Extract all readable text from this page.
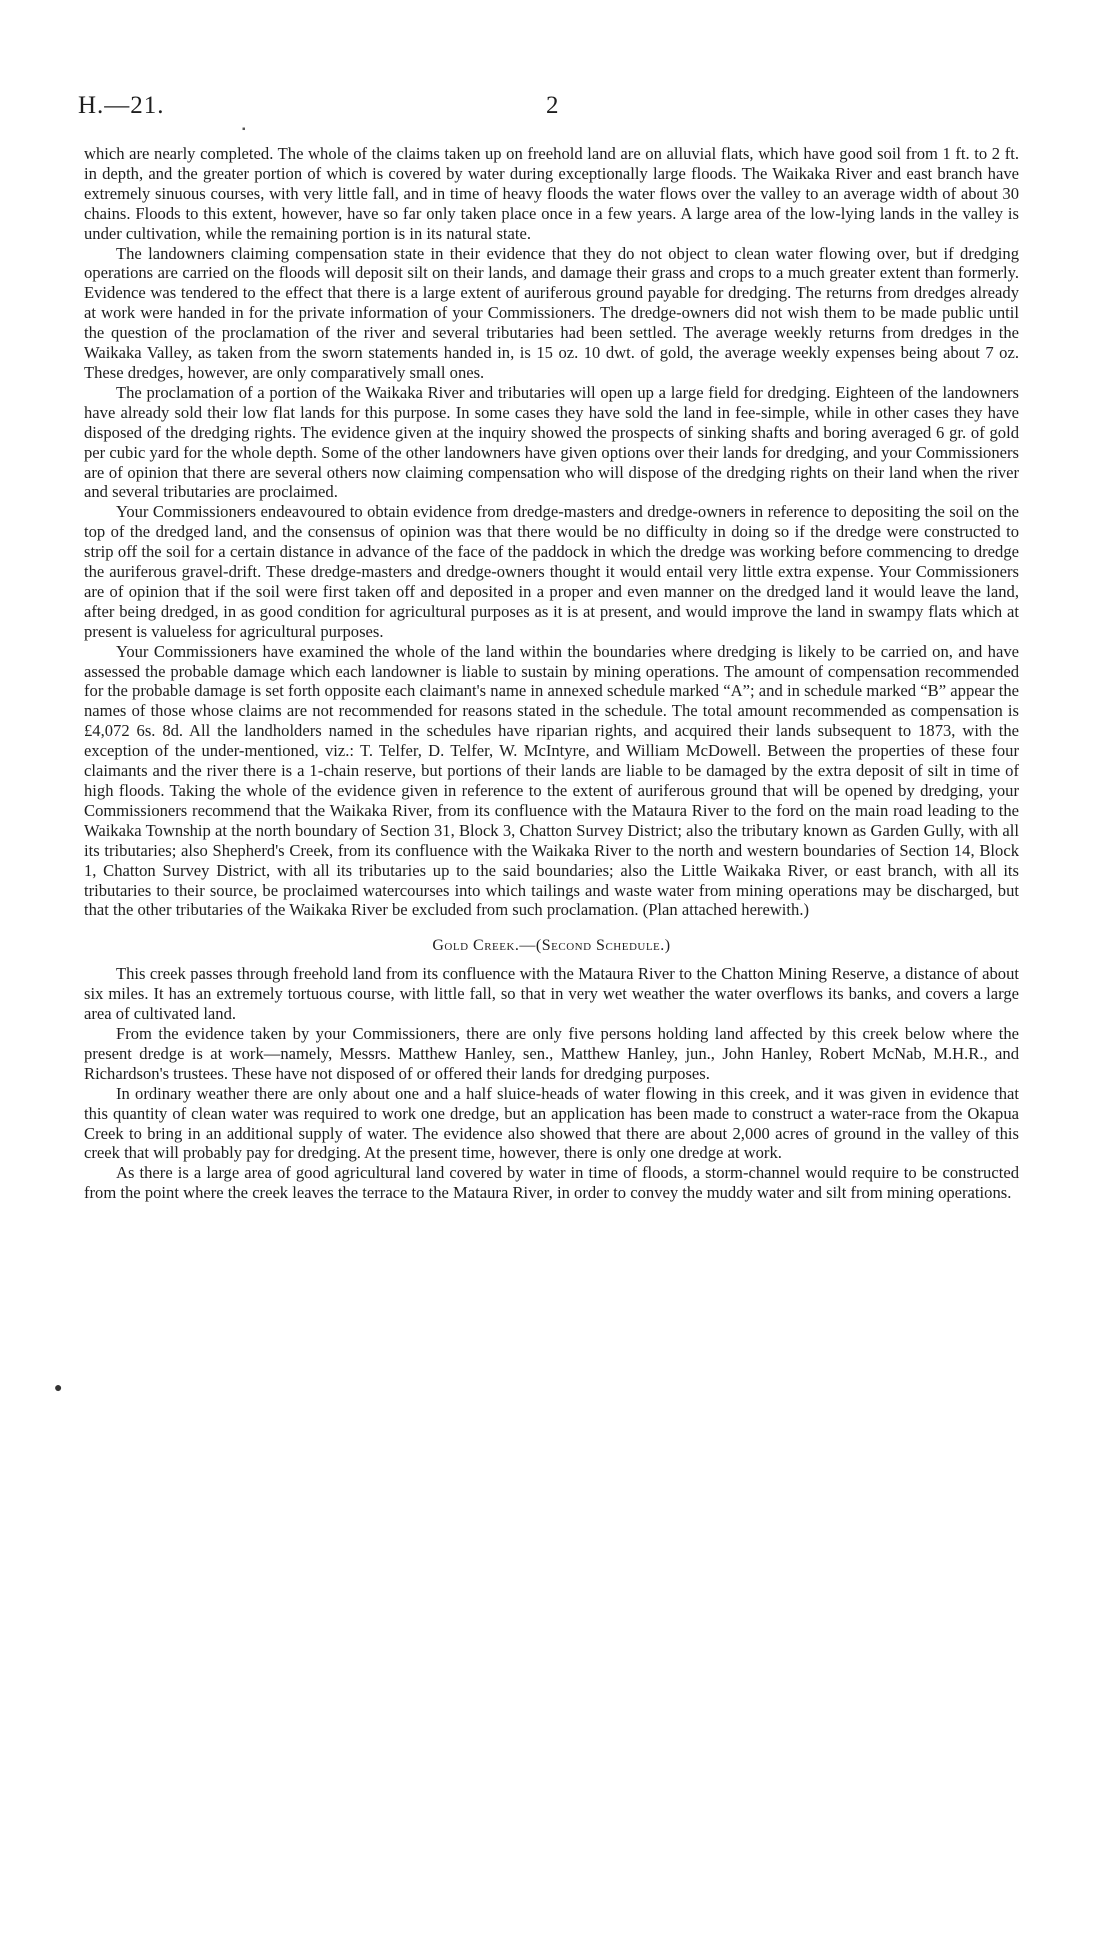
H.—21.	2
▪

which are nearly completed. The whole of the claims taken up on freehold land are on alluvial flats, which have good soil from 1 ft. to 2 ft. in depth, and the greater portion of which is covered by water during exceptionally large floods. The Waikaka River and east branch have extremely sinuous courses, with very little fall, and in time of heavy floods the water flows over the valley to an average width of about 30 chains. Floods to this extent, however, have so far only taken place once in a few years. A large area of the low-lying lands in the valley is under cultivation, while the remaining portion is in its natural state.

The landowners claiming compensation state in their evidence that they do not object to clean water flowing over, but if dredging operations are carried on the floods will deposit silt on their lands, and damage their grass and crops to a much greater extent than formerly. Evidence was tendered to the effect that there is a large extent of auriferous ground payable for dredging. The returns from dredges already at work were handed in for the private information of your Commissioners. The dredge-owners did not wish them to be made public until the question of the proclamation of the river and several tributaries had been settled. The average weekly returns from dredges in the Waikaka Valley, as taken from the sworn statements handed in, is 15 oz. 10 dwt. of gold, the average weekly expenses being about 7 oz. These dredges, however, are only comparatively small ones.

The proclamation of a portion of the Waikaka River and tributaries will open up a large field for dredging. Eighteen of the landowners have already sold their low flat lands for this purpose. In some cases they have sold the land in fee-simple, while in other cases they have disposed of the dredging rights. The evidence given at the inquiry showed the prospects of sinking shafts and boring averaged 6 gr. of gold per cubic yard for the whole depth. Some of the other landowners have given options over their lands for dredging, and your Commissioners are of opinion that there are several others now claiming compensation who will dispose of the dredging rights on their land when the river and several tributaries are proclaimed.

Your Commissioners endeavoured to obtain evidence from dredge-masters and dredge-owners in reference to depositing the soil on the top of the dredged land, and the consensus of opinion was that there would be no difficulty in doing so if the dredge were constructed to strip off the soil for a certain distance in advance of the face of the paddock in which the dredge was working before commencing to dredge the auriferous gravel-drift. These dredge-masters and dredge-owners thought it would entail very little extra expense. Your Commissioners are of opinion that if the soil were first taken off and deposited in a proper and even manner on the dredged land it would leave the land, after being dredged, in as good condition for agricultural purposes as it is at present, and would improve the land in swampy flats which at present is valueless for agricultural purposes.

Your Commissioners have examined the whole of the land within the boundaries where dredging is likely to be carried on, and have assessed the probable damage which each landowner is liable to sustain by mining operations. The amount of compensation recommended for the probable damage is set forth opposite each claimant's name in annexed schedule marked “A”; and in schedule marked “B” appear the names of those whose claims are not recommended for reasons stated in the schedule. The total amount recommended as compensation is £4,072 6s. 8d. All the landholders named in the schedules have riparian rights, and acquired their lands subsequent to 1873, with the exception of the under-mentioned, viz.: T. Telfer, D. Telfer, W. McIntyre, and William McDowell. Between the properties of these four claimants and the river there is a 1-chain reserve, but portions of their lands are liable to be damaged by the extra deposit of silt in time of high floods. Taking the whole of the evidence given in reference to the extent of auriferous ground that will be opened by dredging, your Commissioners recommend that the Waikaka River, from its confluence with the Mataura River to the ford on the main road leading to the Waikaka Township at the north boundary of Section 31, Block 3, Chatton Survey District; also the tributary known as Garden Gully, with all its tributaries; also Shepherd's Creek, from its confluence with the Waikaka River to the north and western boundaries of Section 14, Block 1, Chatton Survey District, with all its tributaries up to the said boundaries; also the Little Waikaka River, or east branch, with all its tributaries to their source, be proclaimed watercourses into which tailings and waste water from mining operations may be discharged, but that the other tributaries of the Waikaka River be excluded from such proclamation. (Plan attached herewith.)

Gold Creek.—(Second Schedule.)

This creek passes through freehold land from its confluence with the Mataura River to the Chatton Mining Reserve, a distance of about six miles. It has an extremely tortuous course, with little fall, so that in very wet weather the water overflows its banks, and covers a large area of cultivated land.

From the evidence taken by your Commissioners, there are only five persons holding land affected by this creek below where the present dredge is at work—namely, Messrs. Matthew Hanley, sen., Matthew Hanley, jun., John Hanley, Robert McNab, M.H.R., and Richardson's trustees. These have not disposed of or offered their lands for dredging purposes.

In ordinary weather there are only about one and a half sluice-heads of water flowing in this creek, and it was given in evidence that this quantity of clean water was required to work one dredge, but an application has been made to construct a water-race from the Okapua Creek to bring in an additional supply of water. The evidence also showed that there are about 2,000 acres of ground in the valley of this creek that will probably pay for dredging. At the present time, however, there is only one dredge at work.

As there is a large area of good agricultural land covered by water in time of floods, a storm-channel would require to be constructed from the point where the creek leaves the terrace to the Mataura River, in order to convey the muddy water and silt from mining operations.

●
